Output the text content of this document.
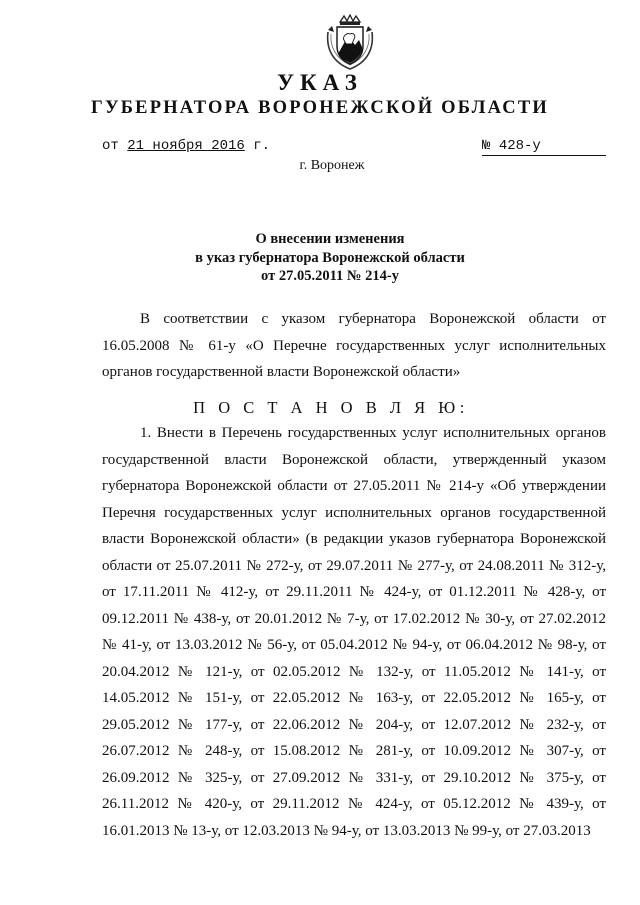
УКАЗ
ГУБЕРНАТОРА ВОРОНЕЖСКОЙ ОБЛАСТИ
от 21 ноября 2016 г.	№ 428-у
г. Воронеж
О внесении изменения
в указ губернатора Воронежской области
от 27.05.2011 № 214-у
В соответствии с указом губернатора Воронежской области от 16.05.2008 № 61-у «О Перечне государственных услуг исполнительных органов государственной власти Воронежской области»
П О С Т А Н О В Л Я Ю:
1. Внести в Перечень государственных услуг исполнительных органов государственной власти Воронежской области, утвержденный указом губернатора Воронежской области от 27.05.2011 № 214-у «Об утверждении Перечня государственных услуг исполнительных органов государственной власти Воронежской области» (в редакции указов губернатора Воронежской области от 25.07.2011 № 272-у, от 29.07.2011 № 277-у, от 24.08.2011 № 312-у, от 17.11.2011 № 412-у, от 29.11.2011 № 424-у, от 01.12.2011 № 428-у, от 09.12.2011 № 438-у, от 20.01.2012 № 7-у, от 17.02.2012 № 30-у, от 27.02.2012 № 41-у, от 13.03.2012 № 56-у, от 05.04.2012 № 94-у, от 06.04.2012 № 98-у, от 20.04.2012 № 121-у, от 02.05.2012 № 132-у, от 11.05.2012 № 141-у, от 14.05.2012 № 151-у, от 22.05.2012 № 163-у, от 22.05.2012 № 165-у, от 29.05.2012 № 177-у, от 22.06.2012 № 204-у, от 12.07.2012 № 232-у, от 26.07.2012 № 248-у, от 15.08.2012 № 281-у, от 10.09.2012 № 307-у, от 26.09.2012 № 325-у, от 27.09.2012 № 331-у, от 29.10.2012 № 375-у, от 26.11.2012 № 420-у, от 29.11.2012 № 424-у, от 05.12.2012 № 439-у, от 16.01.2013 № 13-у, от 12.03.2013 № 94-у, от 13.03.2013 № 99-у, от 27.03.2013
